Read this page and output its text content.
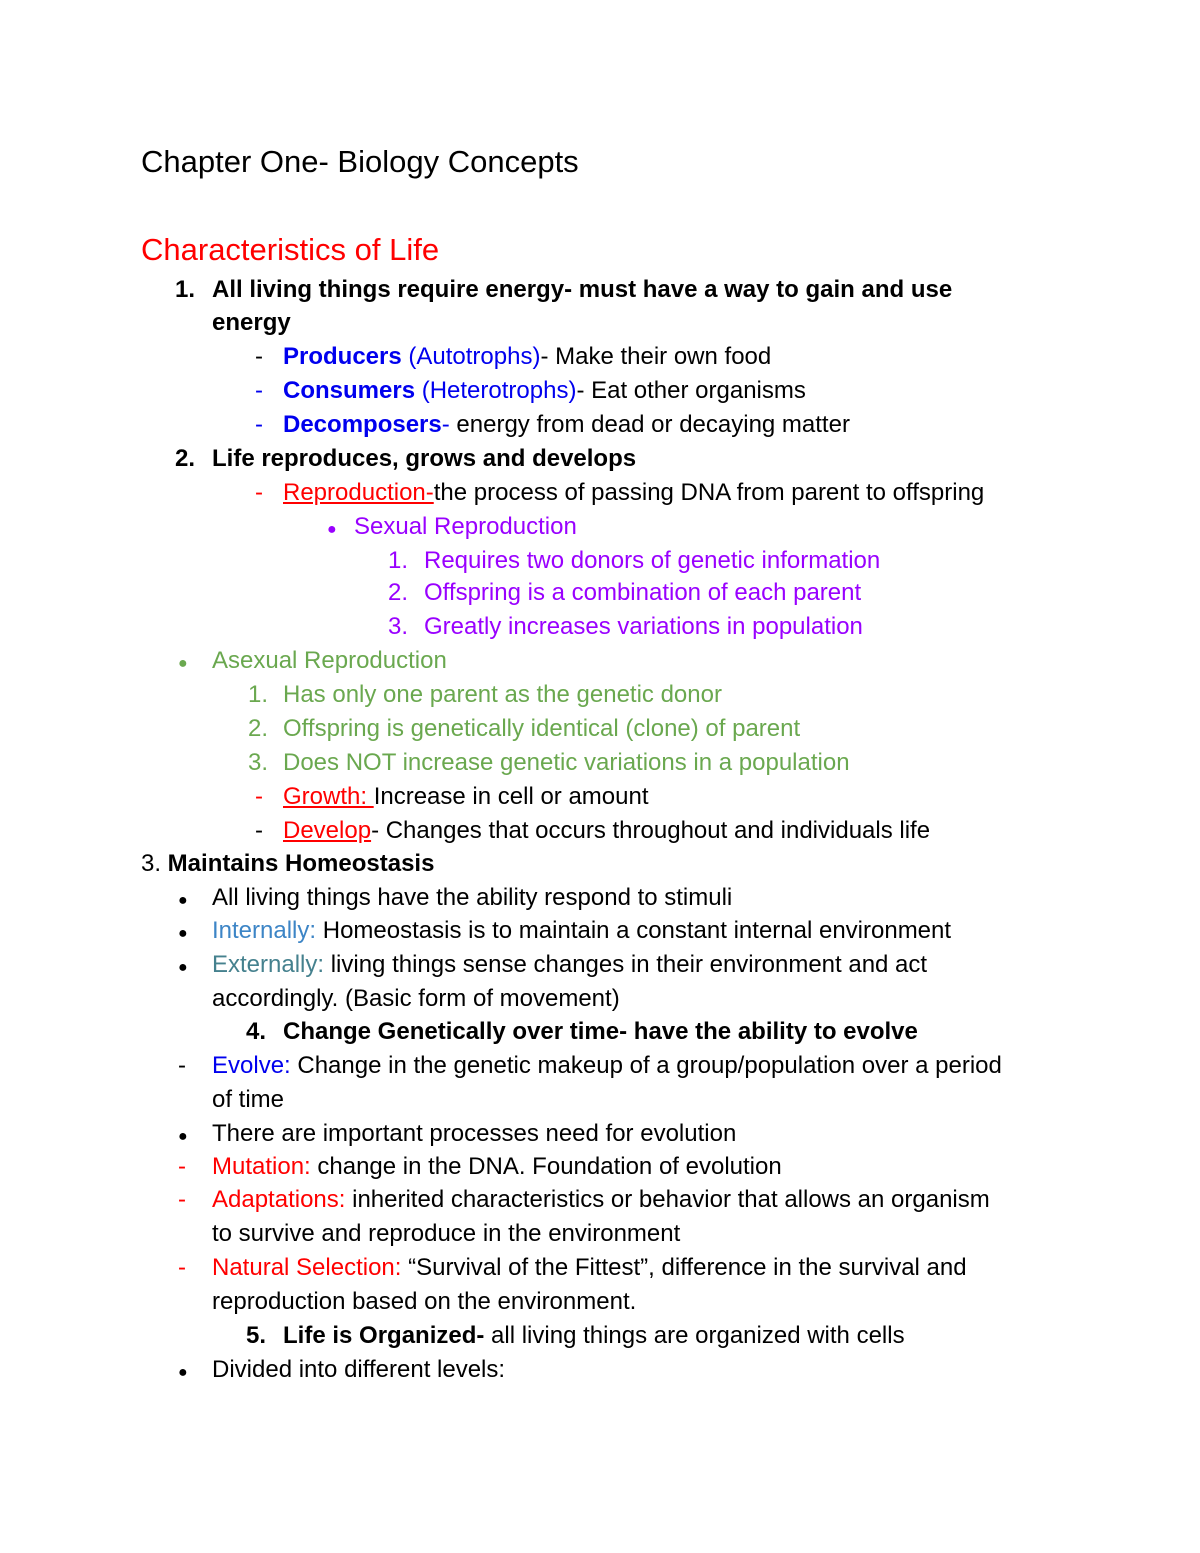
Chapter One- Biology Concepts
Characteristics of Life
1. All living things require energy- must have a way to gain and use
energy
- Producers (Autotrophs)- Make their own food
- Consumers (Heterotrophs)- Eat other organisms
- Decomposers- energy from dead or decaying matter
2. Life reproduces, grows and develops
- Reproduction-the process of passing DNA from parent to offspring
● Sexual Reproduction
1. Requires two donors of genetic information
2. Offspring is a combination of each parent
3. Greatly increases variations in population
● Asexual Reproduction
1. Has only one parent as the genetic donor
2. Offspring is genetically identical (clone) of parent
3. Does NOT increase genetic variations in a population
- Growth: Increase in cell or amount
- Develop- Changes that occurs throughout and individuals life
3. Maintains Homeostasis
● All living things have the ability respond to stimuli
● Internally: Homeostasis is to maintain a constant internal environment
● Externally: living things sense changes in their environment and act
accordingly. (Basic form of movement)
4. Change Genetically over time- have the ability to evolve
- Evolve: Change in the genetic makeup of a group/population over a period
of time
● There are important processes need for evolution
- Mutation: change in the DNA. Foundation of evolution
- Adaptations: inherited characteristics or behavior that allows an organism
to survive and reproduce in the environment
- Natural Selection: “Survival of the Fittest”, difference in the survival and
reproduction based on the environment.
5. Life is Organized- all living things are organized with cells
● Divided into different levels:
